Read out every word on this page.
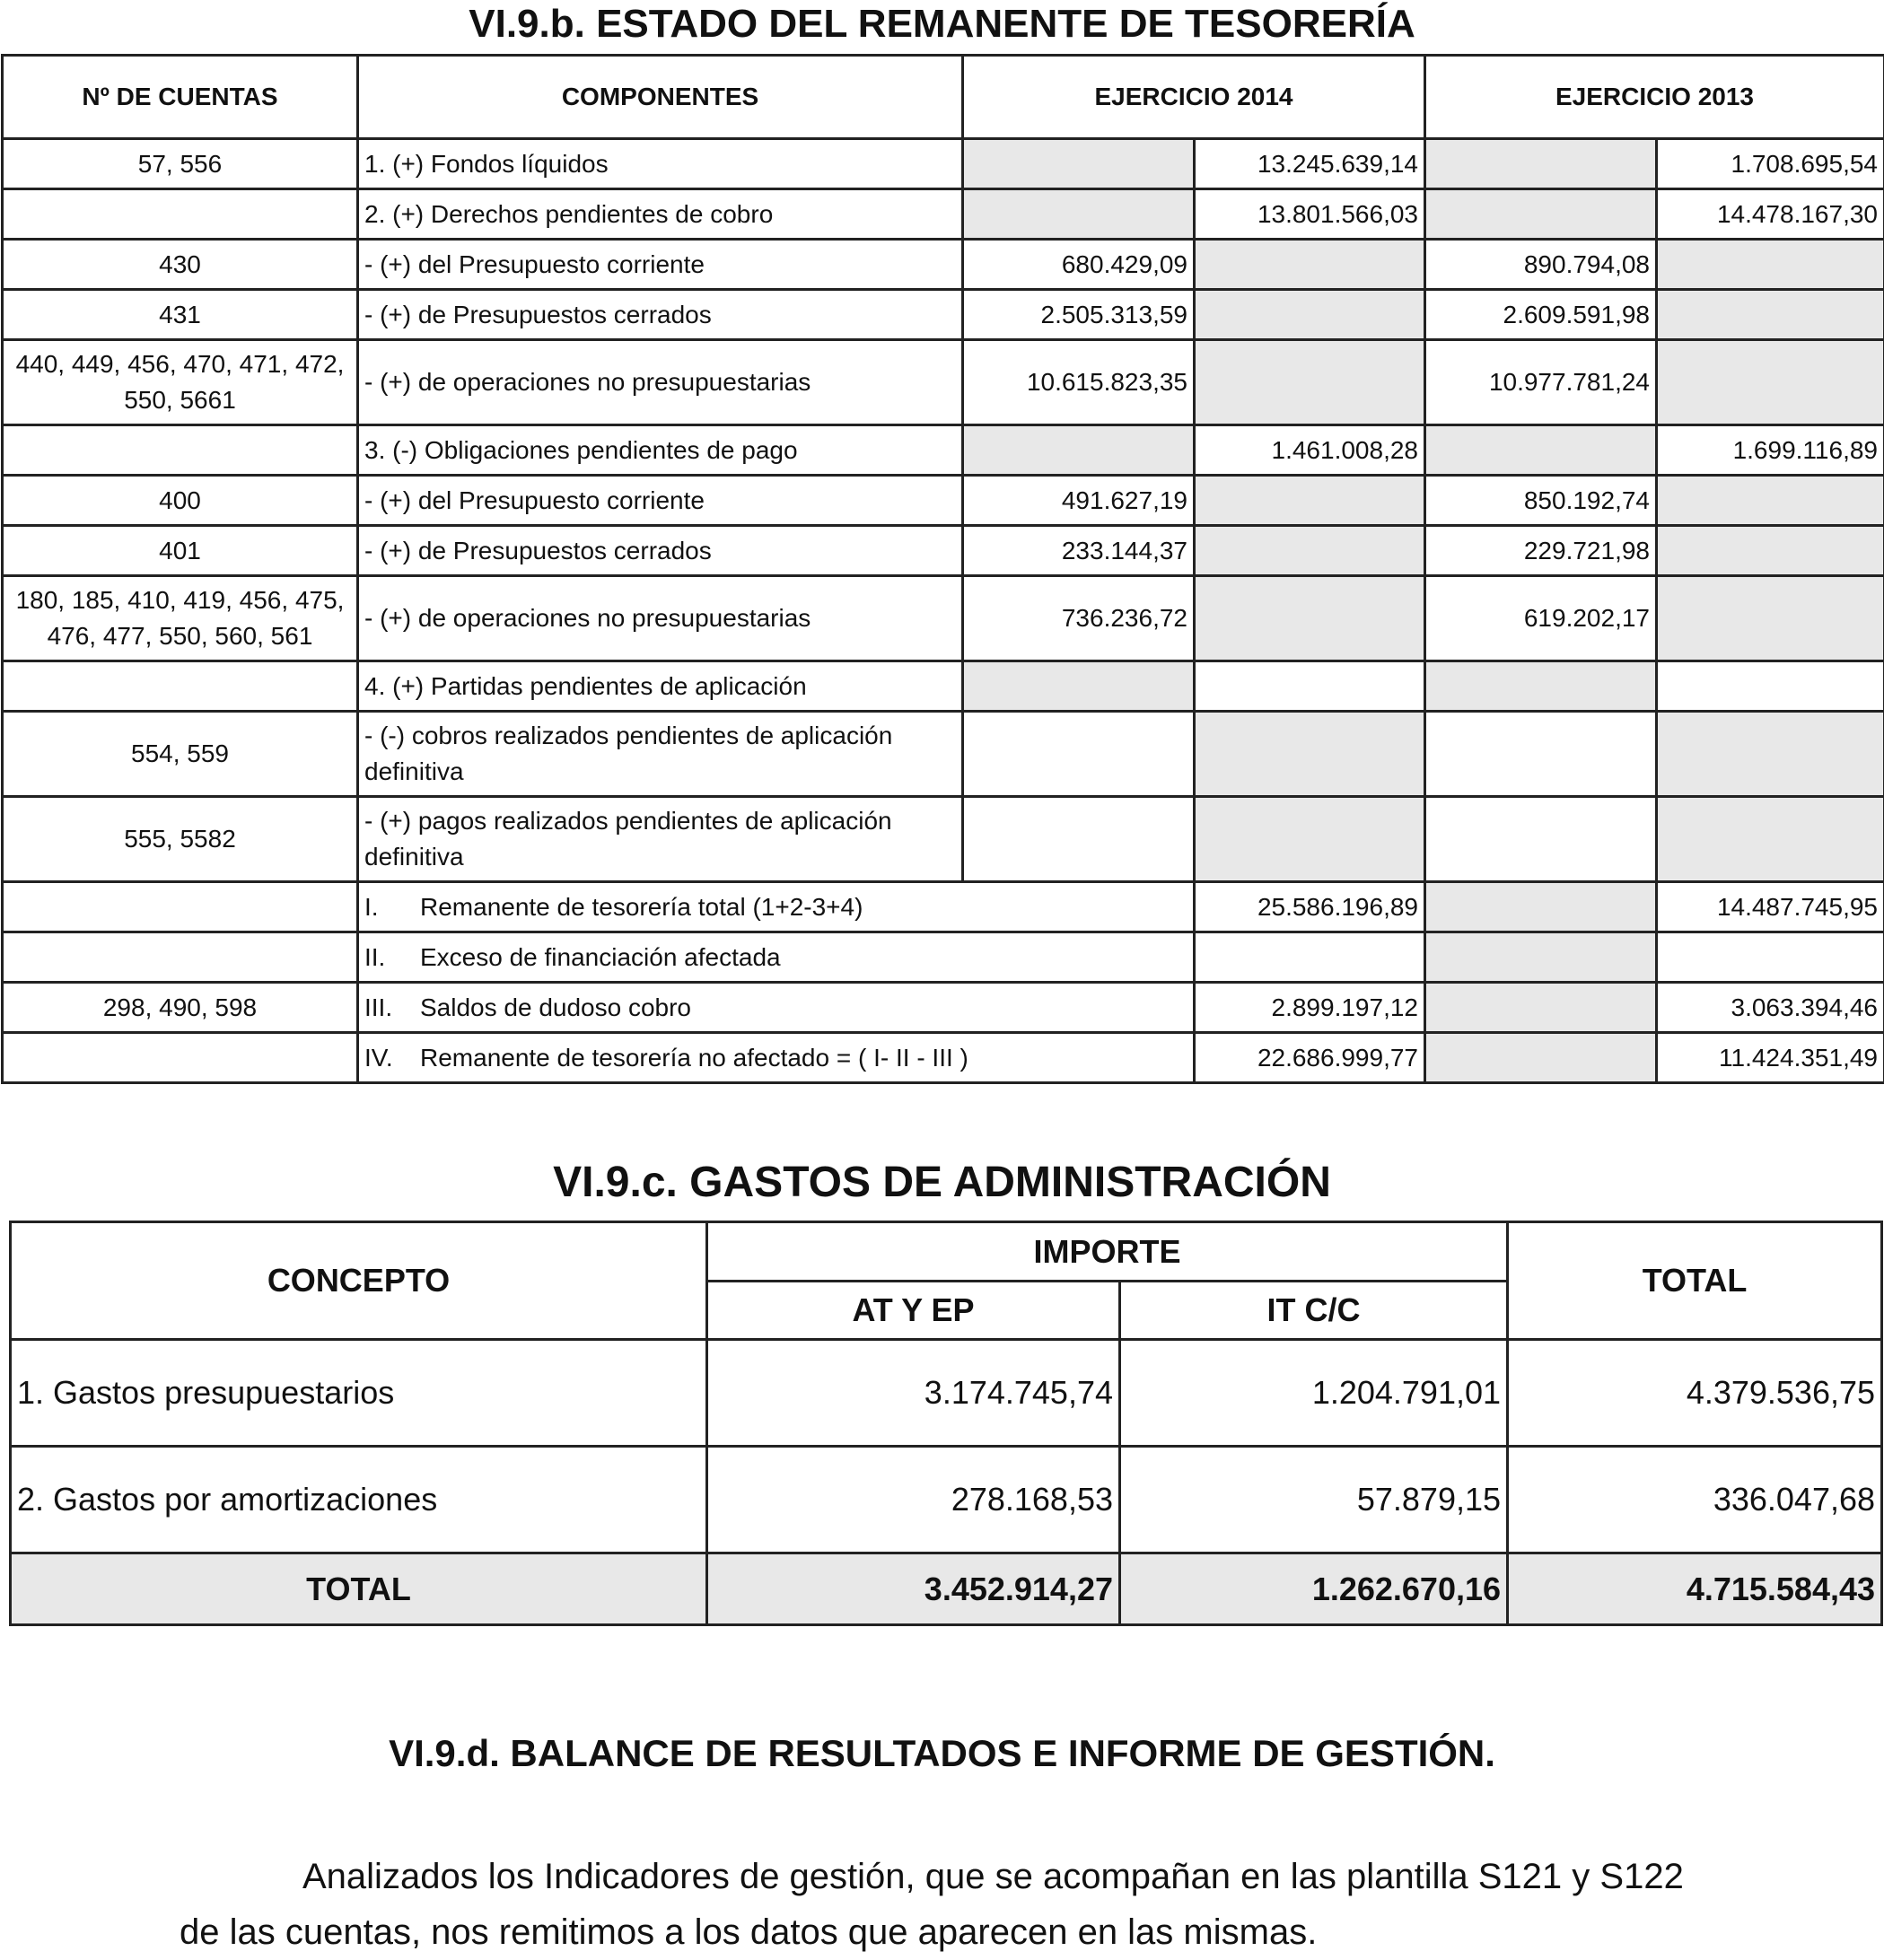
VI.9.b. ESTADO DEL REMANENTE DE TESORERÍA
Nº DE CUENTAS	COMPONENTES	EJERCICIO 2014		EJERCICIO 2013	
57, 556	1. (+) Fondos líquidos		13.245.639,14		1.708.695,54
	2. (+) Derechos pendientes de cobro		13.801.566,03		14.478.167,30
430	- (+) del Presupuesto corriente	680.429,09		890.794,08	
431	- (+) de Presupuestos cerrados	2.505.313,59		2.609.591,98	
440, 449, 456, 470, 471, 472, 550, 5661	- (+) de operaciones no presupuestarias	10.615.823,35		10.977.781,24	
	3. (-) Obligaciones pendientes de pago		1.461.008,28		1.699.116,89
400	- (+) del Presupuesto corriente	491.627,19		850.192,74	
401	- (+) de Presupuestos cerrados	233.144,37		229.721,98	
180, 185, 410, 419, 456, 475, 476, 477, 550, 560, 561	- (+) de operaciones no presupuestarias	736.236,72		619.202,17	
	4. (+) Partidas pendientes de aplicación				
554, 559	- (-) cobros realizados pendientes de aplicación definitiva				
555, 5582	- (+) pagos realizados pendientes de aplicación definitiva				
	I. Remanente de tesorería total (1+2-3+4)		25.586.196,89		14.487.745,95
	II. Exceso de financiación afectada				
298, 490, 598	III. Saldos de dudoso cobro		2.899.197,12		3.063.394,46
	IV. Remanente de tesorería no afectado = ( I- II - III )		22.686.999,77		11.424.351,49
VI.9.c. GASTOS DE ADMINISTRACIÓN
CONCEPTO	IMPORTE		TOTAL
	AT Y EP	IT C/C	
1. Gastos presupuestarios	3.174.745,74	1.204.791,01	4.379.536,75
2. Gastos por amortizaciones	278.168,53	57.879,15	336.047,68
TOTAL	3.452.914,27	1.262.670,16	4.715.584,43
VI.9.d. BALANCE DE RESULTADOS E INFORME DE GESTIÓN.
Analizados los Indicadores de gestión, que se acompañan en las plantilla S121 y S122
de las cuentas, nos remitimos a los datos que aparecen en las mismas.
